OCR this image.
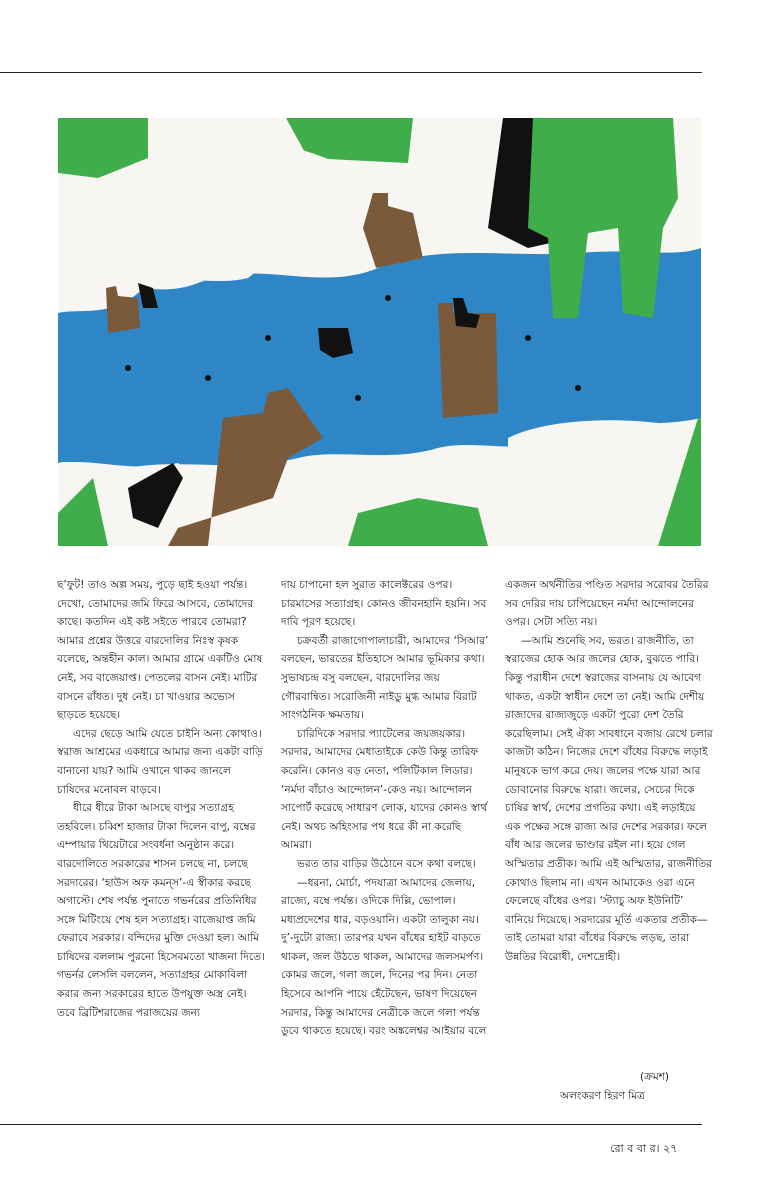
ছ’ফুট! তাও অল্প সময়, পুড়ে ছাই হওয়া পর্যন্ত। দেখো, তোমাদের জমি ফিরে আসবে, তোমাদের কাছে। কতদিন এই কষ্ট সইতে পারবে তোমরা? আমার প্রশ্নের উত্তরে বারদোলির নিঃস্ব কৃষক বলেছে, অন্তহীন কাল। আমার গ্রামে একটিও মোষ নেই, সব বাজেয়াপ্ত। পেতলের বাসন নেই। মাটির বাসনে রাঁধত। দুধ নেই। চা খাওয়ার অভ্যেস ছাড়তে হয়েছে।

এদের ছেড়ে আমি যেতে চাইনি অন্য কোথাও। স্বরাজ আশ্রমের একধারে আমার জন্য একটা বাড়ি বানানো যায়? আমি ওখানে থাকব জানলে চাষিদের মনোবল বাড়বে।

ধীরে ধীরে টাকা আসছে বাপুর সত্যাগ্রহ তহবিলে। চব্বিশ হাজার টাকা দিলেন বাপু, বম্বের এম্পায়ার থিয়েটারে সংবর্ধনা অনুষ্ঠান করে। বারদোলিতে সরকারের শাসন চলছে না, চলছে সরদারের। ‘হাউস অফ কমন্‌স’-এ স্বীকার করছে অগাস্টে। শেষ পর্যন্ত পুনাতে গভর্নরের প্রতিনিধির সঙ্গে মিটিংয়ে শেষ হল সত্যাগ্রহ। বাজেয়াপ্ত জমি ফেরাবে সরকার। বন্দিদের মুক্তি দেওয়া হল। আমি চাষিদের বললাম পুরনো হিসেবমতো খাজনা দিতে। গভর্নর লেসলি বললেন, সত্যাগ্রহর মোকাবিলা করার জন্য সরকারের হাতে উপযুক্ত অস্ত্র নেই। তবে ব্রিটিশরাজের পরাজয়ের জন্য

দায় চাপানো হল সুরাত কালেক্টরের ওপর। চারমাসের সত্যাগ্রহ। কোনও জীবনহানি হয়নি। সব দাবি পূরণ হয়েছে।

চক্রবর্তী রাজাগোপালাচারী, আমাদের ‘সিআর’ বলছেন, ভারতের ইতিহাসে আমার ভূমিকার কথা। সুভাষচন্দ্র বসু বলছেন, বারদোলির জয় গৌরবান্বিত। সরোজিনী নাইডু মুগ্ধ আমার বিরাট সাংগঠনিক ক্ষমতায়।

চারিদিকে সরদার প্যাটেলের জয়জয়কার। সরদার, আমাদের মেধাতাইকে কেউ কিন্তু তারিফ করেনি। কোনও বড় নেতা, পলিটিকাল লিডার। ‘নর্মদা বাঁচাও আন্দোলন’-কেও নয়। আন্দোলন সাপোর্ট করেছে সাধারণ লোক, যাদের কোনও স্বার্থ নেই। অথচ অহিংসার পথ ধরে কী না করেছি আমরা।

ভরত তার বাড়ির উঠোনে বসে কথা বলছে।

—ধরনা, মোর্চা, পদযাত্রা আমাদের জেলায়, রাজ্যে, বম্বে পর্যন্ত। ওদিকে দিল্লি, ভোপাল। মধ্যপ্রদেশের ধার, বড়ওয়ানি। একটা তালুকা নয়। দু’-দুটো রাজ্য। তারপর যখন বাঁধের হাইট বাড়তে থাকল, জল উঠতে থাকল, আমাদের জলসমর্পণ। কোমর জলে, গলা জলে, দিনের পর দিন। নেতা হিসেবে আপনি পায়ে হেঁটেছেন, ভাষণ দিয়েছেন সরদার, কিন্তু আমাদের নেত্রীকে জলে গলা পর্যন্ত ডুবে থাকতে হয়েছে। বরং অঙ্কলেশ্বর আইয়ার বলে

একজন অর্থনীতির পণ্ডিত সরদার সরোবর তৈরির সব দেরির দায় চাপিয়েছেন নর্মদা আন্দোলনের ওপর। সেটা সত্যি নয়।

—আমি শুনেছি সব, ভরত। রাজনীতি, তা স্বরাজের হোক আর জলের হোক, বুঝতে পারি। কিন্তু পরাধীন দেশে স্বরাজের বাসনায় যে আবেগ থাকত, একটা স্বাধীন দেশে তা নেই। আমি দেশীয় রাজাদের রাজ্যজুড়ে একটা পুরো দেশ তৈরি করেছিলাম। সেই ঐক্য সাবধানে বজায় রেখে চলার কাজটা কঠিন। নিজের দেশে বাঁধের বিরুদ্ধে লড়াই মানুষকে ভাগ করে দেয়। জলের পক্ষে যারা আর ডোবানোর বিরুদ্ধে যারা। জলের, সেচের দিকে চাষির স্বার্থ, দেশের প্রগতির কথা। এই লড়াইয়ে এক পক্ষের সঙ্গে রাজ্য আর দেশের সরকার। ফলে বাঁধ আর জলের ভাণ্ডার রইল না। হয়ে গেল অস্মিতার প্রতীক। আমি এই অস্মিতার, রাজনীতির কোথাও ছিলাম না। এখন আমাকেও ওরা এনে ফেলেছে বাঁধের ওপর। ‘স্ট্যাচু অফ ইউনিটি’ বানিয়ে দিয়েছে। সরদারের মূর্তি একতার প্রতীক— তাই তোমরা যারা বাঁধের বিরুদ্ধে লড়ছ, তারা উন্নতির বিরোধী, দেশদ্রোহী।

(ক্রমশ)
অলংকরণ হিরণ মিত্র
রো ব বা র। ২৭
